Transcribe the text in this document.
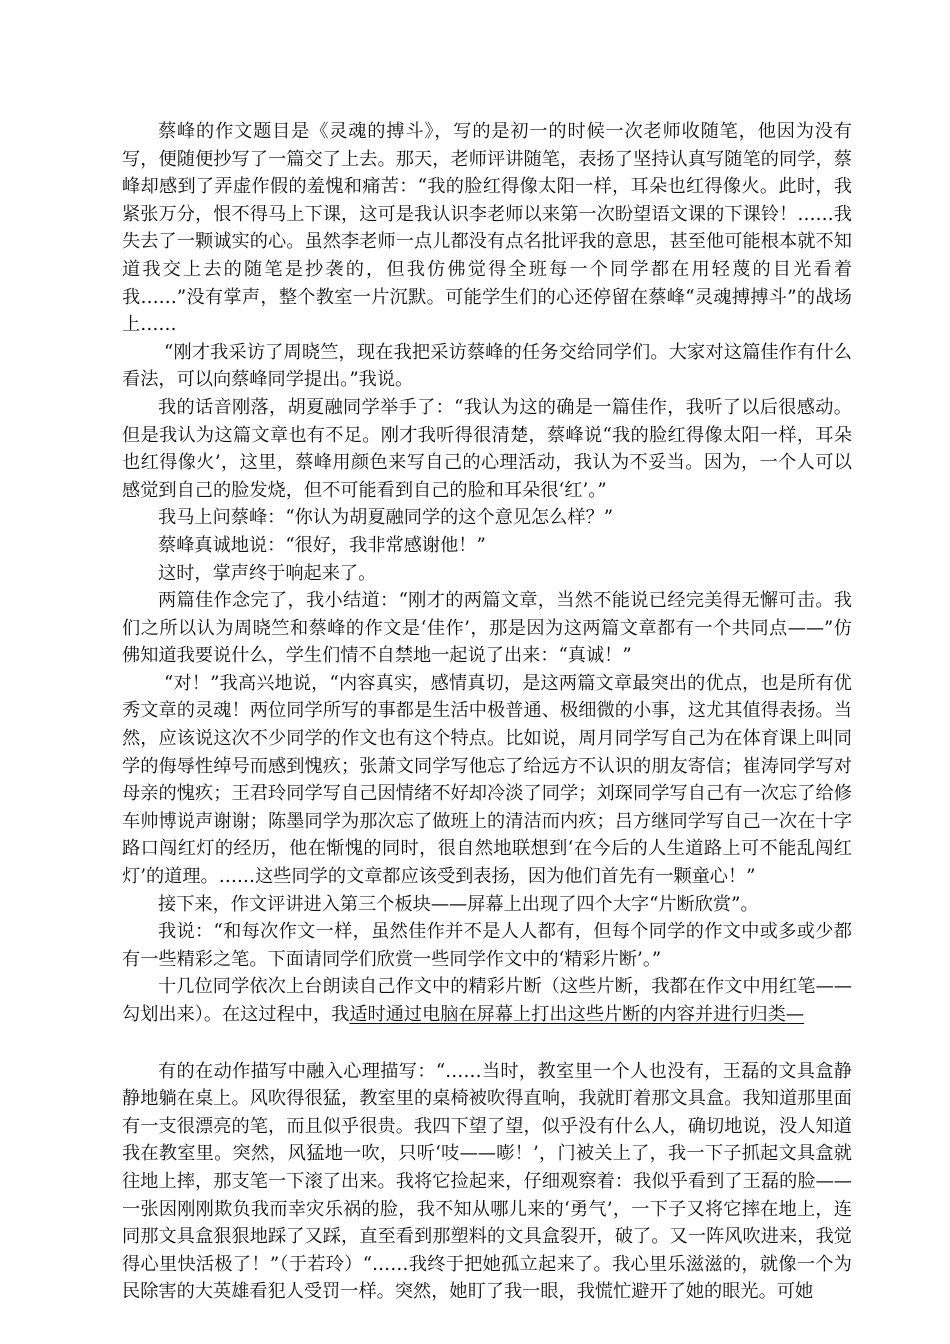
蔡峰的作文题目是《灵魂的搏斗》，写的是初一的时候一次老师收随笔，他因为没有写，便随便抄写了一篇交了上去。那天，老师评讲随笔，表扬了坚持认真写随笔的同学，蔡峰却感到了弄虚作假的羞愧和痛苦：“我的脸红得像太阳一样，耳朵也红得像火。此时，我紧张万分，恨不得马上下课，这可是我认识李老师以来第一次盼望语文课的下课铃！……我失去了一颗诚实的心。虽然李老师一点儿都没有点名批评我的意思，甚至他可能根本就不知道我交上去的随笔是抄袭的，但我仿佛觉得全班每一个同学都在用轻蔑的目光看着我……”没有掌声，整个教室一片沉默。可能学生们的心还停留在蔡峰“灵魂搏搏斗”的战场上……

“刚才我采访了周晓竺，现在我把采访蔡峰的任务交给同学们。大家对这篇佳作有什么看法，可以向蔡峰同学提出。”我说。

我的话音刚落，胡夏融同学举手了：“我认为这的确是一篇佳作，我听了以后很感动。但是我认为这篇文章也有不足。刚才我听得很清楚，蔡峰说“我的脸红得像太阳一样，耳朵也红得像火’，这里，蔡峰用颜色来写自己的心理活动，我认为不妥当。因为，一个人可以感觉到自己的脸发烧，但不可能看到自己的脸和耳朵很‘红’。”

我马上问蔡峰：“你认为胡夏融同学的这个意见怎么样？”

蔡峰真诚地说：“很好，我非常感谢他！”

这时，掌声终于响起来了。

两篇佳作念完了，我小结道：“刚才的两篇文章，当然不能说已经完美得无懈可击。我们之所以认为周晓竺和蔡峰的作文是‘佳作’，那是因为这两篇文章都有一个共同点——”仿佛知道我要说什么，学生们情不自禁地一起说了出来：“真诚！”

“对！”我高兴地说，“内容真实，感情真切，是这两篇文章最突出的优点，也是所有优秀文章的灵魂！两位同学所写的事都是生活中极普通、极细微的小事，这尤其值得表扬。当然，应该说这次不少同学的作文也有这个特点。比如说，周月同学写自己为在体育课上叫同学的侮辱性绰号而感到愧疚；张萧文同学写他忘了给远方不认识的朋友寄信；崔涛同学写对母亲的愧疚；王君玲同学写自己因情绪不好却冷淡了同学；刘琛同学写自己有一次忘了给修车帅博说声谢谢；陈墨同学为那次忘了做班上的清洁而内疚；吕方继同学写自己一次在十字路口闯红灯的经历，他在惭愧的同时，很自然地联想到‘在今后的人生道路上可不能乱闯红灯’的道理。……这些同学的文章都应该受到表扬，因为他们首先有一颗童心！”

接下来，作文评讲进入第三个板块——屏幕上出现了四个大字“片断欣赏”。

我说：“和每次作文一样，虽然佳作并不是人人都有，但每个同学的作文中或多或少都有一些精彩之笔。下面请同学们欣赏一些同学作文中的‘精彩片断’。”

十几位同学依次上台朗读自己作文中的精彩片断（这些片断，我都在作文中用红笔——勾划出来）。在这过程中，我适时通过电脑在屏幕上打出这些片断的内容并进行归类—

有的在动作描写中融入心理描写：“……当时，教室里一个人也没有，王磊的文具盒静静地躺在桌上。风吹得很猛，教室里的桌椅被吹得直响，我就盯着那文具盒。我知道那里面有一支很漂亮的笔，而且似乎很贵。我四下望了望，似乎没有什么人，确切地说，没人知道我在教室里。突然，风猛地一吹，只听‘吱——嘭！’，门被关上了，我一下子抓起文具盒就往地上摔，那支笔一下滚了出来。我将它捡起来，仔细观察着：我似乎看到了王磊的脸——一张因刚刚欺负我而幸灾乐祸的脸，我不知从哪儿来的‘勇气’，一下子又将它摔在地上，连同那文具盒狠狠地踩了又踩，直至看到那塑料的文具盒裂开，破了。又一阵风吹进来，我觉得心里快活极了！”（于若玲）“……我终于把她孤立起来了。我心里乐滋滋的，就像一个为民除害的大英雄看犯人受罚一样。突然，她盯了我一眼，我慌忙避开了她的眼光。可她
